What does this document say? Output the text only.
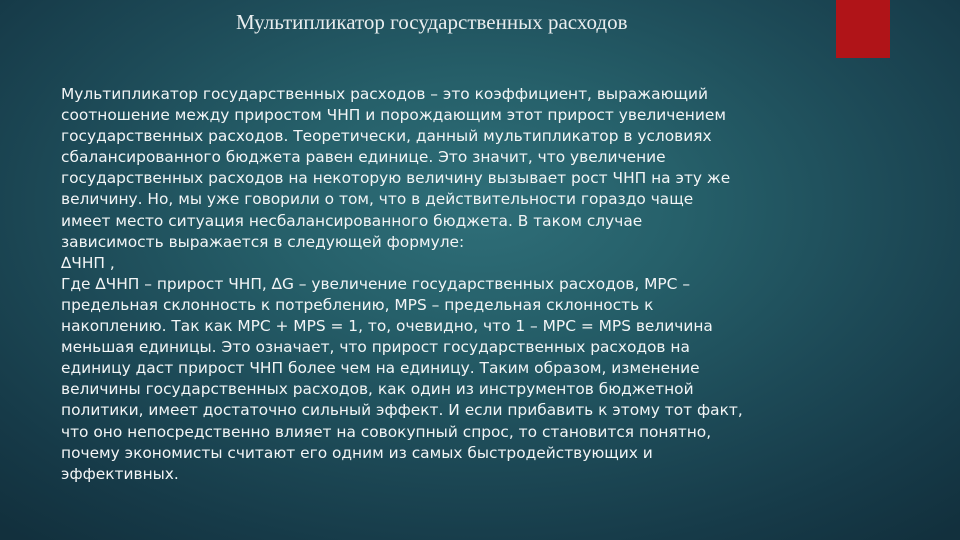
Мультипликатор государственных расходов
Мультипликатор государственных расходов – это коэффициент, выражающий
соотношение между приростом ЧНП и порождающим этот прирост увеличением
государственных расходов. Теоретически, данный мультипликатор в условиях
сбалансированного бюджета равен единице. Это значит, что увеличение
государственных расходов на некоторую величину вызывает рост ЧНП на эту же
величину. Но, мы уже говорили о том, что в действительности гораздо чаще
имеет место ситуация несбалансированного бюджета. В таком случае
зависимость выражается в следующей формуле:
∆ЧНП ,
Где ∆ЧНП – прирост ЧНП, ∆G – увеличение государственных расходов, MPC –
предельная склонность к потреблению, MPS – предельная склонность к
накоплению. Так как MPC + MPS = 1, то, очевидно, что 1 – MPC = MPS величина
меньшая единицы. Это означает, что прирост государственных расходов на
единицу даст прирост ЧНП более чем на единицу. Таким образом, изменение
величины государственных расходов, как один из инструментов бюджетной
политики, имеет достаточно сильный эффект. И если прибавить к этому тот факт,
что оно непосредственно влияет на совокупный спрос, то становится понятно,
почему экономисты считают его одним из самых быстродействующих и
эффективных.
